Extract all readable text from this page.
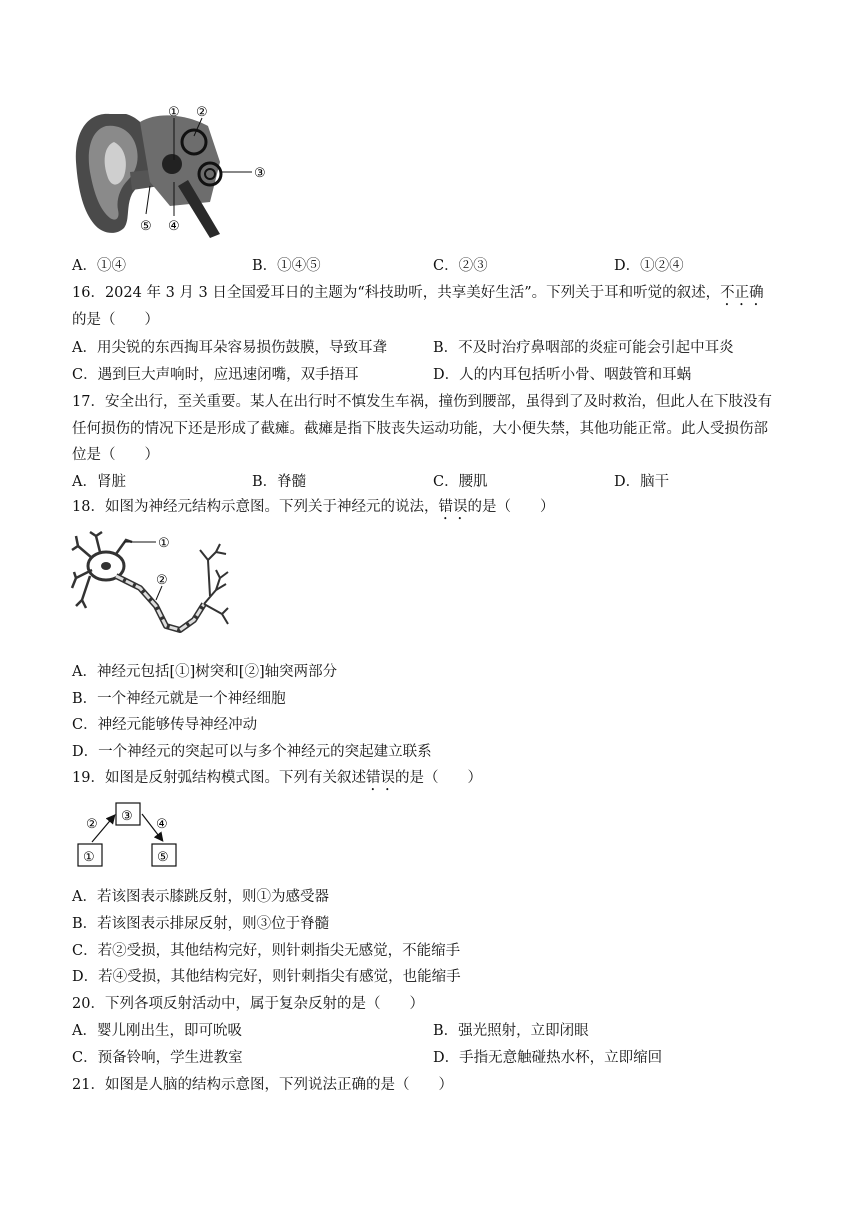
① ②
③
④
⑤
A．①④	B．①④⑤	C．②③	D．①②④
16．2024 年 3 月 3 日全国爱耳日的主题为“科技助听，共享美好生活”。下列关于耳和听觉的叙述，不正确
的是（　　）
A．用尖锐的东西掏耳朵容易损伤鼓膜，导致耳聋	B．不及时治疗鼻咽部的炎症可能会引起中耳炎
C．遇到巨大声响时，应迅速闭嘴，双手捂耳	D．人的内耳包括听小骨、咽鼓管和耳蜗
17．安全出行，至关重要。某人在出行时不慎发生车祸，撞伤到腰部，虽得到了及时救治，但此人在下肢没有
任何损伤的情况下还是形成了截瘫。截瘫是指下肢丧失运动功能，大小便失禁，其他功能正常。此人受损伤部
位是（　　）
A．肾脏	B．脊髓	C．腰肌	D．脑干
18．如图为神经元结构示意图。下列关于神经元的说法，错误的是（　　）
①
②
A．神经元包括[①]树突和[②]轴突两部分
B．一个神经元就是一个神经细胞
C．神经元能够传导神经冲动
D．一个神经元的突起可以与多个神经元的突起建立联系
19．如图是反射弧结构模式图。下列有关叙述错误的是（　　）
③
①	⑤
②	④
A．若该图表示膝跳反射，则①为感受器
B．若该图表示排尿反射，则③位于脊髓
C．若②受损，其他结构完好，则针刺指尖无感觉，不能缩手
D．若④受损，其他结构完好，则针刺指尖有感觉，也能缩手
20．下列各项反射活动中，属于复杂反射的是（　　）
A．婴儿刚出生，即可吮吸	B．强光照射，立即闭眼
C．预备铃响，学生进教室	D．手指无意触碰热水杯，立即缩回
21．如图是人脑的结构示意图，下列说法正确的是（　　）
